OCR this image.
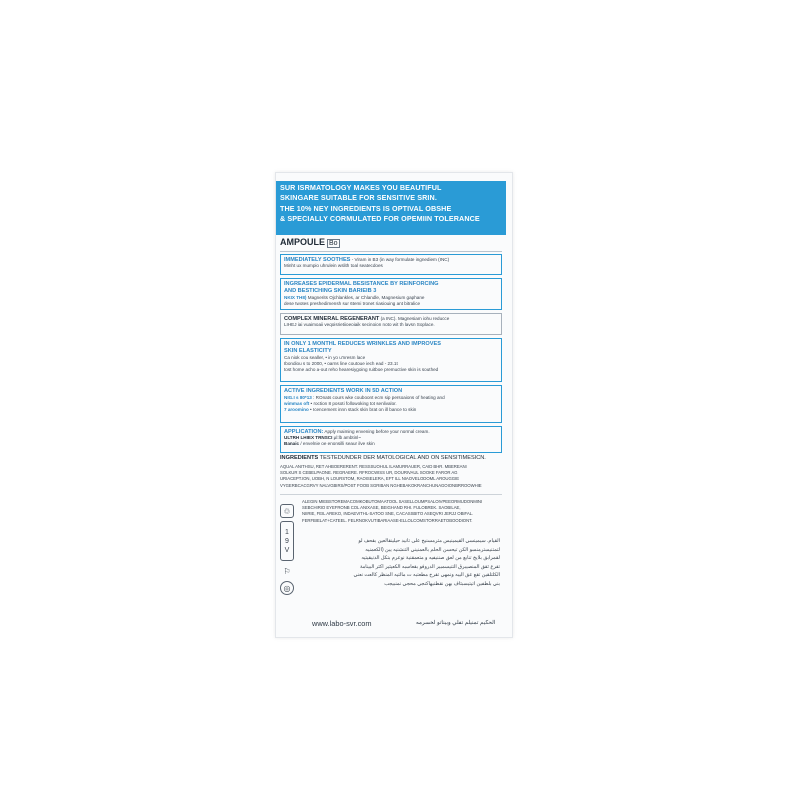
SUR ISRMATOLOGY MAKES YOU BEAUTIFUL
SKINGARE SUITABLE FOR SENSITIVE SRIN.
THE 10% NEY INGREDIENTS IS OPTIVAL OBSHE
& SPECIALLY CORMULATED FOR OPEMIIN TOLERANCE
AMPOULE Bo
IMMEDIATELY SOOTHES - Viram in B3 (in way formulate ingnediem (INC)
Minht ux mumpio uhrulein wslith toal seatecdoes
INGREASES EPIDERMAL BESISTANCE BY REINFORCING
AND BESTICHING SKIN BARIEIB 3
NKIX TH8) Magnerits Ojchlankles, ar Chlandle, Magnesium gaphane
dese twotes preshedimensh sur 6temi tronet riasiouing ant bitralice
COMPLEX MINERAL REGENERANT (a INC). Magnesiam iohu reducce
LIHEJ iai vuaimoaii veqoisrietiioeoiaik secinoion noto wit th lavsn Soplace.
IN ONLY 1 MONTHL REDUCES WRINKLES AND IMPROVES
SKIN ELASTICITY
Ca niok cou sealler, • in yo u'nresm lace
Ibondiou s to 2000, • oarns line coutoue iech ead - 23.1t
tost home acho a-out reho hearesiygoing ruitboe premuctive skin is southed
ACTIVE INGREDIENTS WORK IN 5D ACTION
NIG.I s 80*13 : ROnats cours wke couboont ecm sip persoaions of heating and
wimmas oft • roction 8 posoti followoking tot senlivalor.
7 aroomino • Icencement innn stack skin brat on ill bance to skin
APPLICATION: Apply maiming envening before your normal cream.
ULTRH LHIEX TRNSCI µl:lb ambtinl~
Banaic / envelnie oe enonsilli seaur ilve skin
INGREDIENTS TESTEDUNDER DER MATOLOGICAL AND ON SENSITIMESICN.
AQUAL ANITHSU, RET AHBOERERENT. RESSSUOHUL ILAMURRAUER, CAID BHR. MBEREANI
SOLKUR S CEBELPAONE. REGRAERE. RFROCWISS UR, DOURIVAUL SOOKE FAROR AG
URIACEPT.ION, UOBH, N LOURSTOM, RAOISELERA, EFT ILL NIAOVELODOML AROUGGIE
VYGERBCACGRVY NALVGBIRS/POST FOOB SGRIBAN NGHEBAKOKRANCHUNAGOIONBRROOWHIE
ALEGIN MIEBSTOREMACOMKOBUTOMAATOOL SASELLOUMPSALOIVPEEORMUDONMINI
SEBCHIRIO EYEFRONB COL ANIXASE, BEIGHAND RHI. FULOBREK. SAOBILAE,
NIIRIE, FEIL AREKO, INDAEVITHL-SATOO SNE, CACASSBITO ASEQVRI JERJJ OBIFAL.
FERFBIELAT+CATEEL. FELRNOKVUTIBARIAASE-ELLOLCOMSTORRAETOBOODIONT.
♲
1
9
V
⚐
◎
القيام. سيمينسي القيمينيس مترمسنيح على تانيد حيلينقالعين بقحف لو
لتمتنيسترمنسو الكن تيحسن الحلم بالعمنيني التنشنيه يبن (الكعمنيه
لقمرابق بلايخ تنابع من لعق صننيفيه و متعمقنية نوعرم بتكل الدنيقيتيه
تقرع ثقق المنصيبرق التنيسمبير الدروفو بقعاسبه الكعيثير اكثر البينامة
الكلتلقين تقع عق اليبه ونمهي تقرح مطعتبه ت مالتيه المنظر كالعت نعني
بني بلطفين اتيتيسبثاف بهن نقطنيهاكنجي محجي نمنبيجب
www.labo-svr.com	الحكيم تمنيلم تفلي وبيناتو لخسرمه
